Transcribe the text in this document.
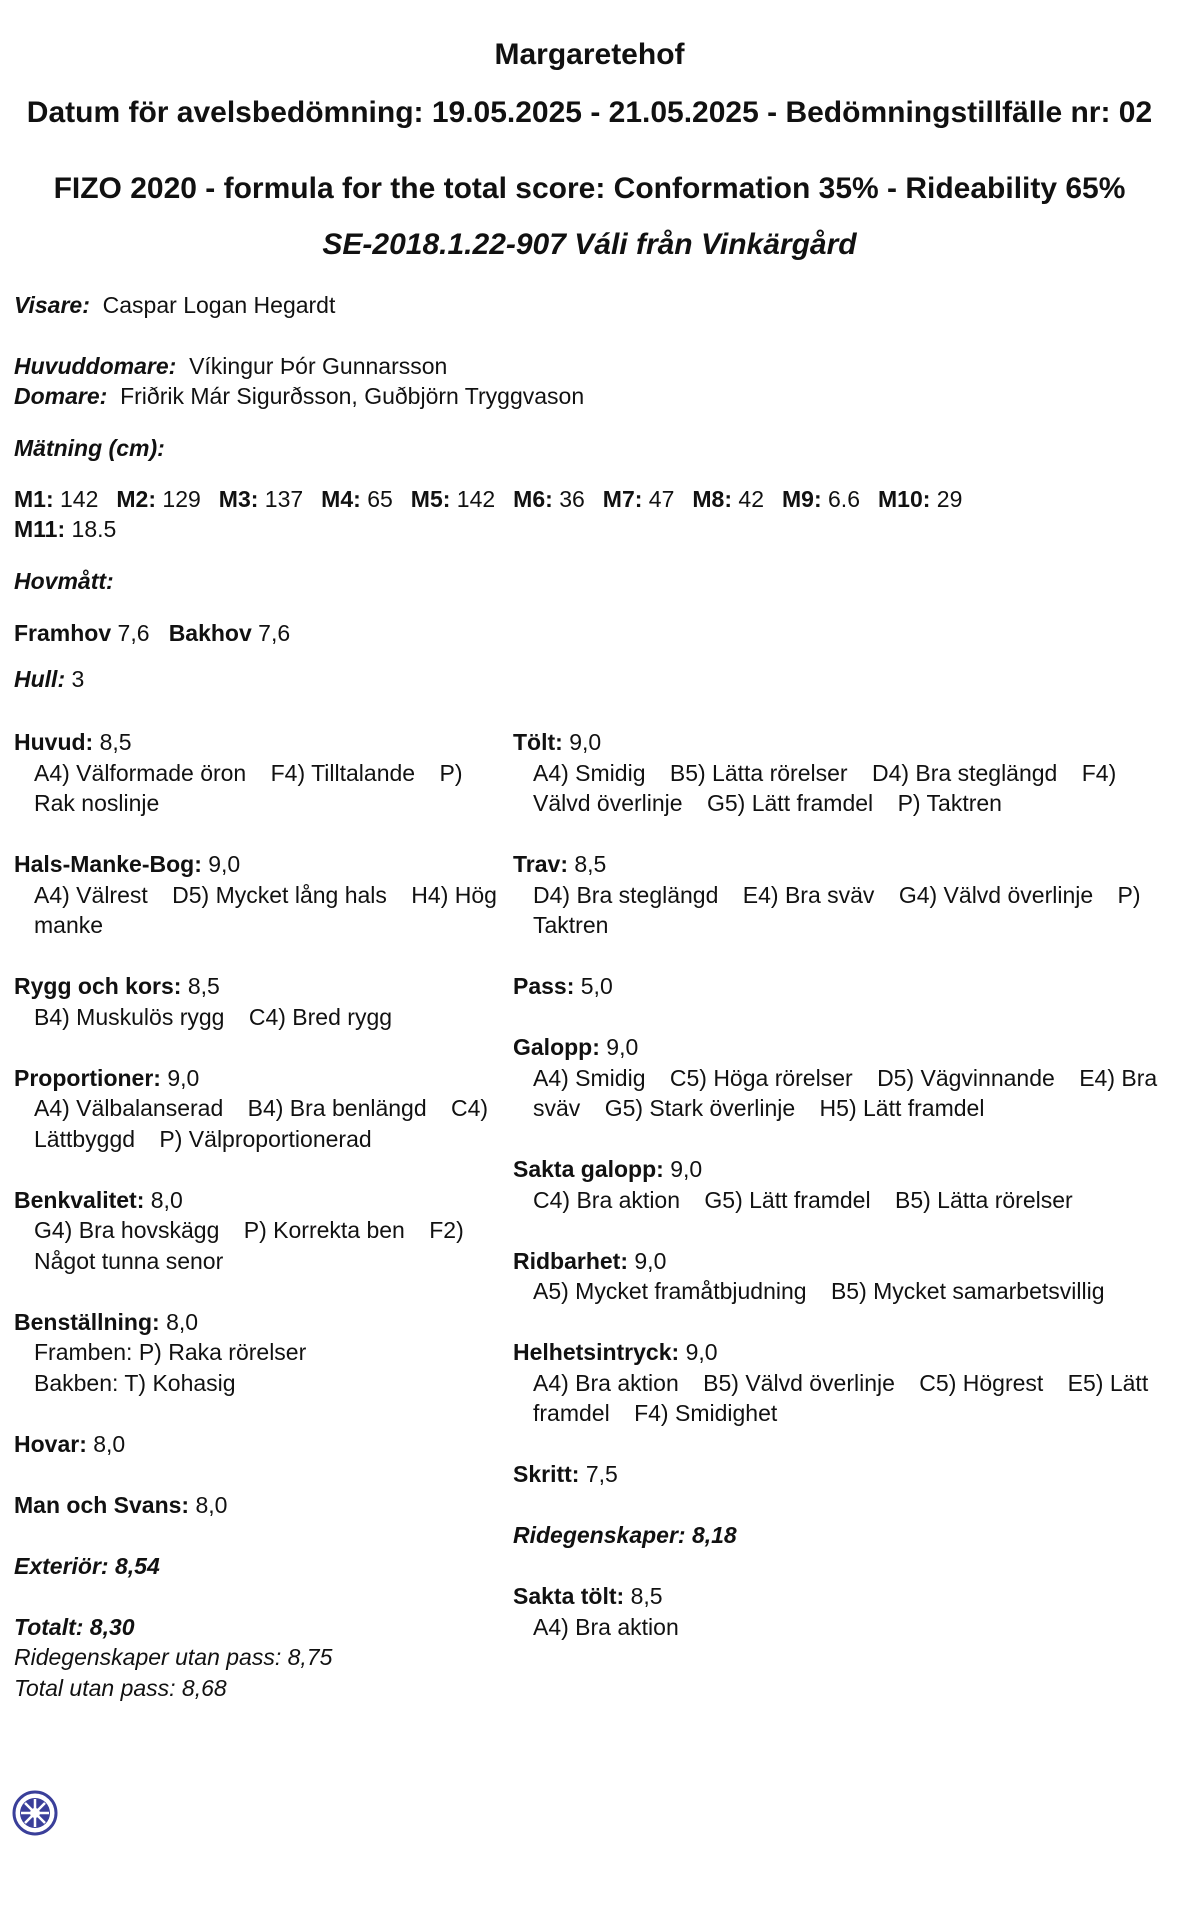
Margaretehof
Datum för avelsbedömning: 19.05.2025 - 21.05.2025 - Bedömningstillfälle nr: 02
FIZO 2020 - formula for the total score: Conformation 35% - Rideability 65%
SE-2018.1.22-907 Váli från Vinkärgård
Visare: Caspar Logan Hegardt
Huvuddomare: Víkingur Þór Gunnarsson
Domare: Friðrik Már Sigurðsson, Guðbjörn Tryggvason
Mätning (cm):
M1: 142 M2: 129 M3: 137 M4: 65 M5: 142 M6: 36 M7: 47 M8: 42 M9: 6.6 M10: 29
M11: 18.5
Hovmått:
Framhov 7,6 Bakhov 7,6
Hull: 3
Huvud: 8,5
A4) Välformade öron F4) Tilltalande P) Rak noslinje
Hals-Manke-Bog: 9,0
A4) Välrest D5) Mycket lång hals H4) Hög manke
Rygg och kors: 8,5
B4) Muskulös rygg C4) Bred rygg
Proportioner: 9,0
A4) Välbalanserad B4) Bra benlängd C4) Lättbyggd P) Välproportionerad
Benkvalitet: 8,0
G4) Bra hovskägg P) Korrekta ben F2) Något tunna senor
Benställning: 8,0
Framben: P) Raka rörelser
Bakben: T) Kohasig
Hovar: 8,0
Man och Svans: 8,0
Exteriör: 8,54
Totalt: 8,30
Ridegenskaper utan pass: 8,75
Total utan pass: 8,68
Tölt: 9,0
A4) Smidig B5) Lätta rörelser D4) Bra steglängd F4) Välvd överlinje G5) Lätt framdel P) Taktren
Trav: 8,5
D4) Bra steglängd E4) Bra sväv G4) Välvd överlinje P) Taktren
Pass: 5,0
Galopp: 9,0
A4) Smidig C5) Höga rörelser D5) Vägvinnande E4) Bra sväv G5) Stark överlinje H5) Lätt framdel
Sakta galopp: 9,0
C4) Bra aktion G5) Lätt framdel B5) Lätta rörelser
Ridbarhet: 9,0
A5) Mycket framåtbjudning B5) Mycket samarbetsvillig
Helhetsintryck: 9,0
A4) Bra aktion B5) Välvd överlinje C5) Högrest E5) Lätt framdel F4) Smidighet
Skritt: 7,5
Ridegenskaper: 8,18
Sakta tölt: 8,5
A4) Bra aktion
